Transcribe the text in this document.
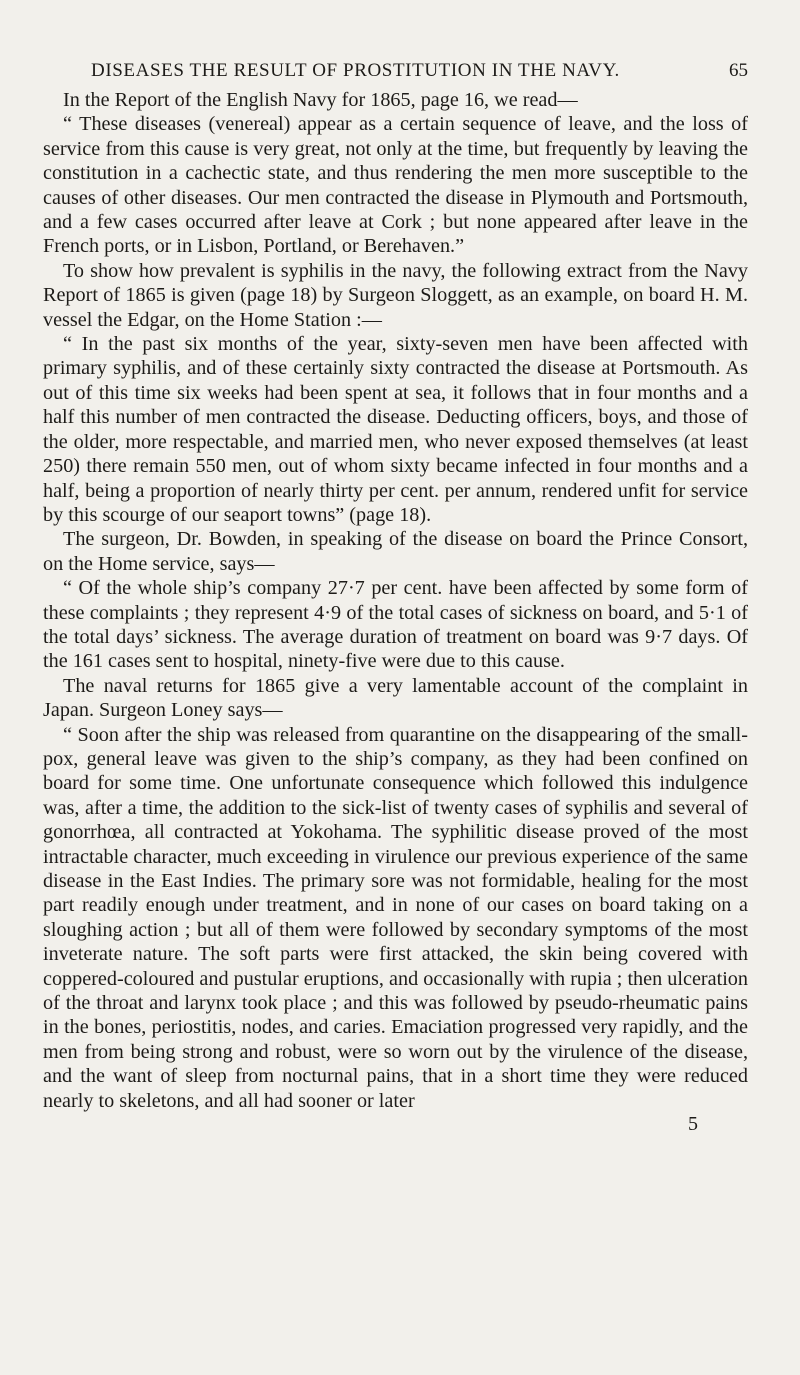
DISEASES THE RESULT OF PROSTITUTION IN THE NAVY.	65

In the Report of the English Navy for 1865, page 16, we read—

“ These diseases (venereal) appear as a certain sequence of leave, and the loss of service from this cause is very great, not only at the time, but frequently by leaving the constitution in a cachectic state, and thus rendering the men more susceptible to the causes of other diseases. Our men contracted the disease in Plymouth and Portsmouth, and a few cases occurred after leave at Cork ; but none appeared after leave in the French ports, or in Lisbon, Portland, or Berehaven.”

To show how prevalent is syphilis in the navy, the following extract from the Navy Report of 1865 is given (page 18) by Surgeon Sloggett, as an example, on board H. M. vessel the Edgar, on the Home Station :—

“ In the past six months of the year, sixty-seven men have been affected with primary syphilis, and of these certainly sixty contracted the disease at Portsmouth. As out of this time six weeks had been spent at sea, it follows that in four months and a half this number of men contracted the disease. Deducting officers, boys, and those of the older, more respectable, and married men, who never exposed themselves (at least 250) there remain 550 men, out of whom sixty became infected in four months and a half, being a proportion of nearly thirty per cent. per annum, rendered unfit for service by this scourge of our seaport towns” (page 18).

The surgeon, Dr. Bowden, in speaking of the disease on board the Prince Consort, on the Home service, says—

“ Of the whole ship’s company 27·7 per cent. have been affected by some form of these complaints ; they represent 4·9 of the total cases of sickness on board, and 5·1 of the total days’ sickness. The average duration of treatment on board was 9·7 days. Of the 161 cases sent to hospital, ninety-five were due to this cause.

The naval returns for 1865 give a very lamentable account of the complaint in Japan. Surgeon Loney says—

“ Soon after the ship was released from quarantine on the disappearing of the small-pox, general leave was given to the ship’s company, as they had been confined on board for some time. One unfortunate consequence which followed this indulgence was, after a time, the addition to the sick-list of twenty cases of syphilis and several of gonorrhœa, all contracted at Yokohama. The syphilitic disease proved of the most intractable character, much exceeding in virulence our previous experience of the same disease in the East Indies. The primary sore was not formidable, healing for the most part readily enough under treatment, and in none of our cases on board taking on a sloughing action ; but all of them were followed by secondary symptoms of the most inveterate nature. The soft parts were first attacked, the skin being covered with coppered-coloured and pustular eruptions, and occasionally with rupia ; then ulceration of the throat and larynx took place ; and this was followed by pseudo-rheumatic pains in the bones, periostitis, nodes, and caries. Emaciation progressed very rapidly, and the men from being strong and robust, were so worn out by the virulence of the disease, and the want of sleep from nocturnal pains, that in a short time they were reduced nearly to skeletons, and all had sooner or later

5
